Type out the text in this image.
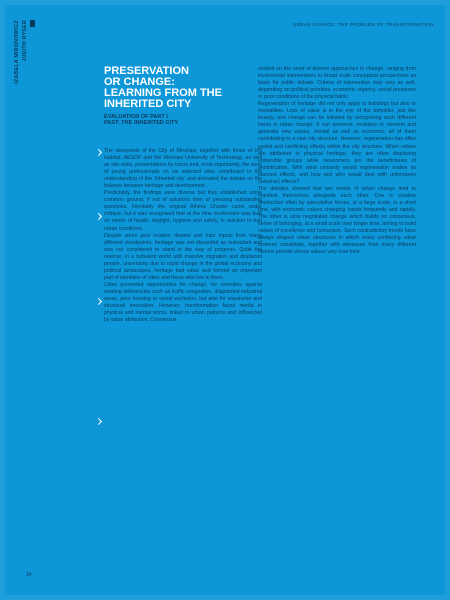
IZABELA MIRONOWICZ JUDITH RYSER	URBAN CHANGE: THE PROBLEM OF TRANSFORMATION
PRESERVATION
OR CHANGE:
LEARNING FROM THE
INHERITED CITY
EVALUATION OF PART I
PAST: THE INHERITED CITY

The viewpoints of the City of Wroclaw, together with those of UN Habitat, AESOP and the Wroclaw University of Technology, as well as site visits, presentations by tutors and, most importantly, the work of young professionals on six selected sites contributed to the understanding of the 'inherited city' and animated the debate on the balance between heritage and development.

Predictably, the findings were diverse but they established some common ground, if not of solutions then of pressing outstanding questions. Inevitably the original Athens Charter came under critique, but it was recognised that at the time modernism was built on needs of health, daylight, hygiene and safety, in reaction to bad urban conditions.

Despite some post modern dissent and tutor inputs from many different standpoints, heritage was not discarded as redundant and was not considered to stand in the way of progress. Quite the reverse, in a turbulent world with massive migration and displaced people, uncertainty due to rapid change in the global economy and political landscapes, heritage had value and formed an important part of identities of cities and those who live in them.

Cities presented opportunities for change, for remedies against existing deficiencies such as traffic congestion, dilapidated industrial areas, poor housing or social exclusion, but also for expansion and structural innovation. However, transformation faced inertia in physical and mental terms, linked to urban patterns and influenced by value attribution. Consensus

existed on the need of diverse approaches to change, ranging from incremental interventions to broad scale conceptual perspectives as basis for public debate. Criteria of intervention may vary as well, depending on political priorities, economic urgency, social pressures or poor conditions of the physical fabric.

Regeneration of heritage did not only apply to buildings but also to mentalities. Loss of value is in the eye of the beholder, just like beauty, and change can be initiated by recognising such different forms in urban change. It can preserve, revitalise or reinvent and generate new values, mental as well as economic, all of them contributing to a new city structure. However, regeneration has often partial and conflicting effects within the city structure. When values are attributed to physical heritage, they are often displacing vulnerable groups while newcomers are the beneficiaries of gentrification. With what certainty would regeneration realise its planned effects, and how and who would deal with unforeseen (adverse) effects?

The debates showed that two trends of urban change tend to manifest themselves alongside each other. One is creative destruction often by speculative forces, at a large scale, in a short time, with economic values changing hands frequently and rapidly. The other is slow negotiated change which builds on consensus, sense of belonging, at a small scale over longer time, aiming to build values of excellence and humanism. Such contradictory trends have always shaped urban structures in which many conflicting value systems cohabitate, together with witnesses from many different historic periods whose values vary over time.

34
